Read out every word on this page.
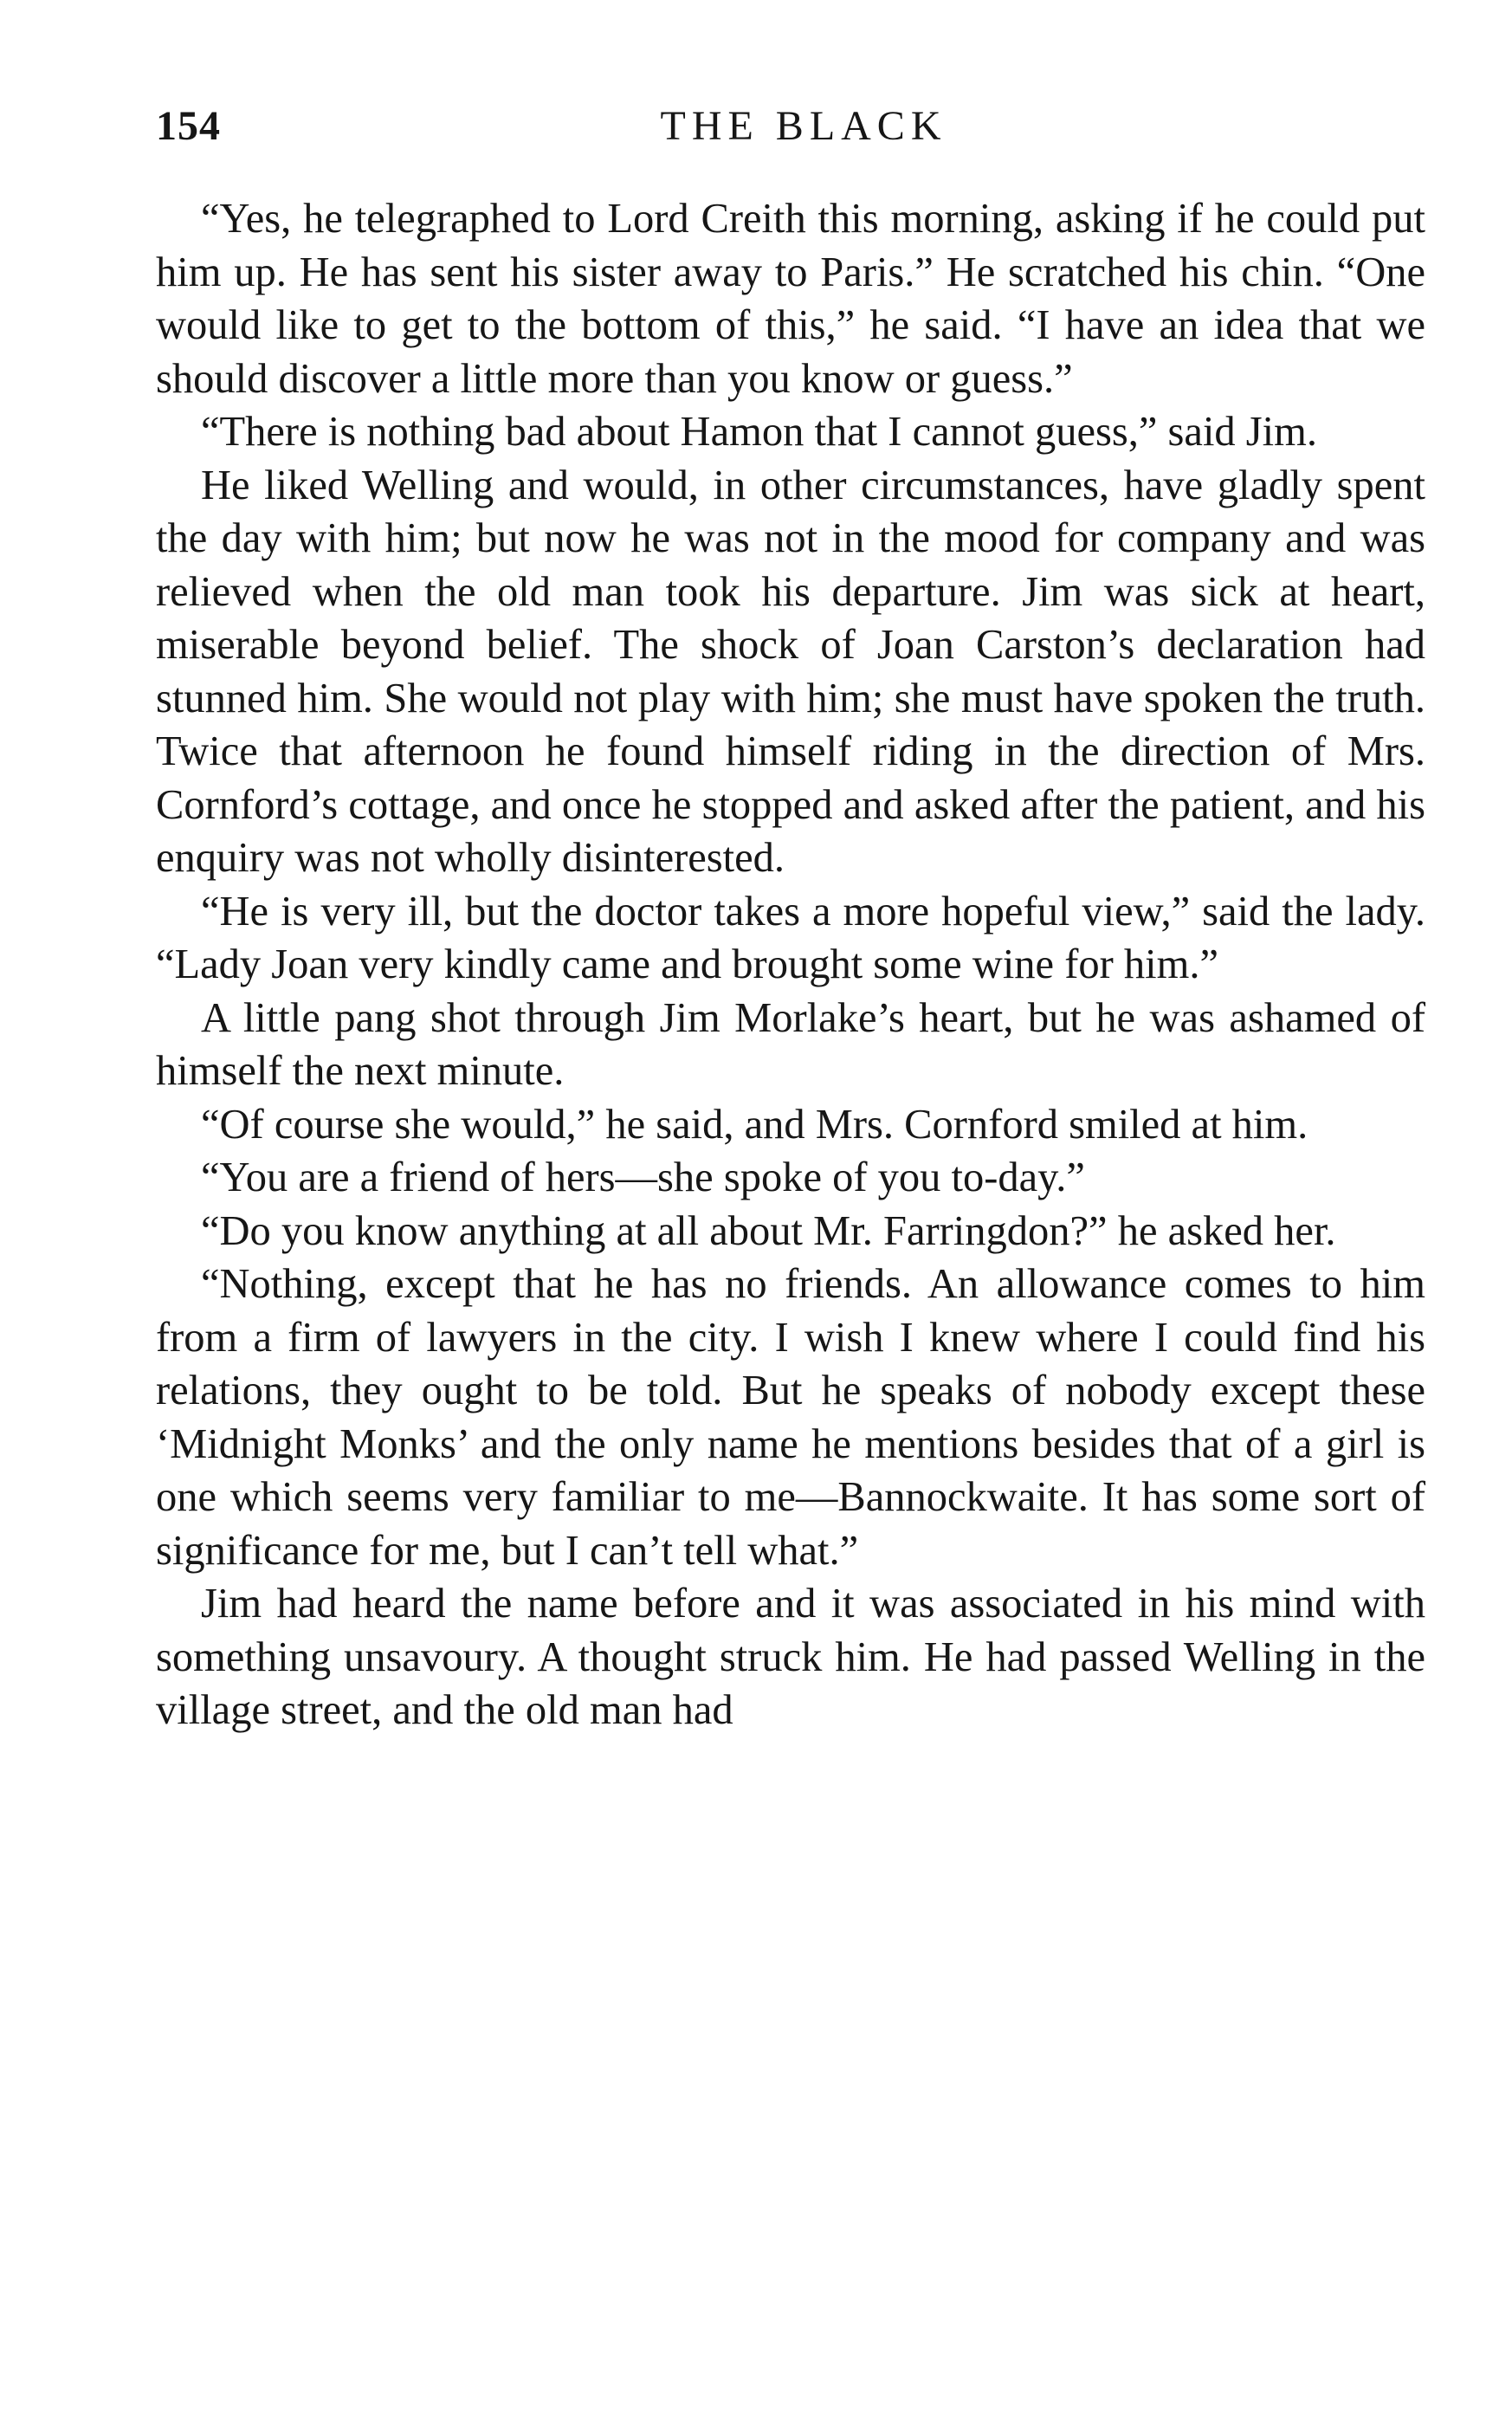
154	THE BLACK

“Yes, he telegraphed to Lord Creith this morning, asking if he could put him up. He has sent his sister away to Paris.” He scratched his chin. “One would like to get to the bottom of this,” he said. “I have an idea that we should discover a little more than you know or guess.”

“There is nothing bad about Hamon that I cannot guess,” said Jim.

He liked Welling and would, in other circumstances, have gladly spent the day with him; but now he was not in the mood for company and was relieved when the old man took his departure. Jim was sick at heart, miserable beyond belief. The shock of Joan Carston’s declaration had stunned him. She would not play with him; she must have spoken the truth. Twice that afternoon he found himself riding in the direction of Mrs. Cornford’s cottage, and once he stopped and asked after the patient, and his enquiry was not wholly disinterested.

“He is very ill, but the doctor takes a more hopeful view,” said the lady. “Lady Joan very kindly came and brought some wine for him.”

A little pang shot through Jim Morlake’s heart, but he was ashamed of himself the next minute.

“Of course she would,” he said, and Mrs. Cornford smiled at him.

“You are a friend of hers—she spoke of you to-day.”

“Do you know anything at all about Mr. Farringdon?” he asked her.

“Nothing, except that he has no friends. An allowance comes to him from a firm of lawyers in the city. I wish I knew where I could find his relations, they ought to be told. But he speaks of nobody except these ‘Midnight Monks’ and the only name he mentions besides that of a girl is one which seems very familiar to me—Bannockwaite. It has some sort of significance for me, but I can’t tell what.”

Jim had heard the name before and it was associated in his mind with something unsavoury. A thought struck him. He had passed Welling in the village street, and the old man had
